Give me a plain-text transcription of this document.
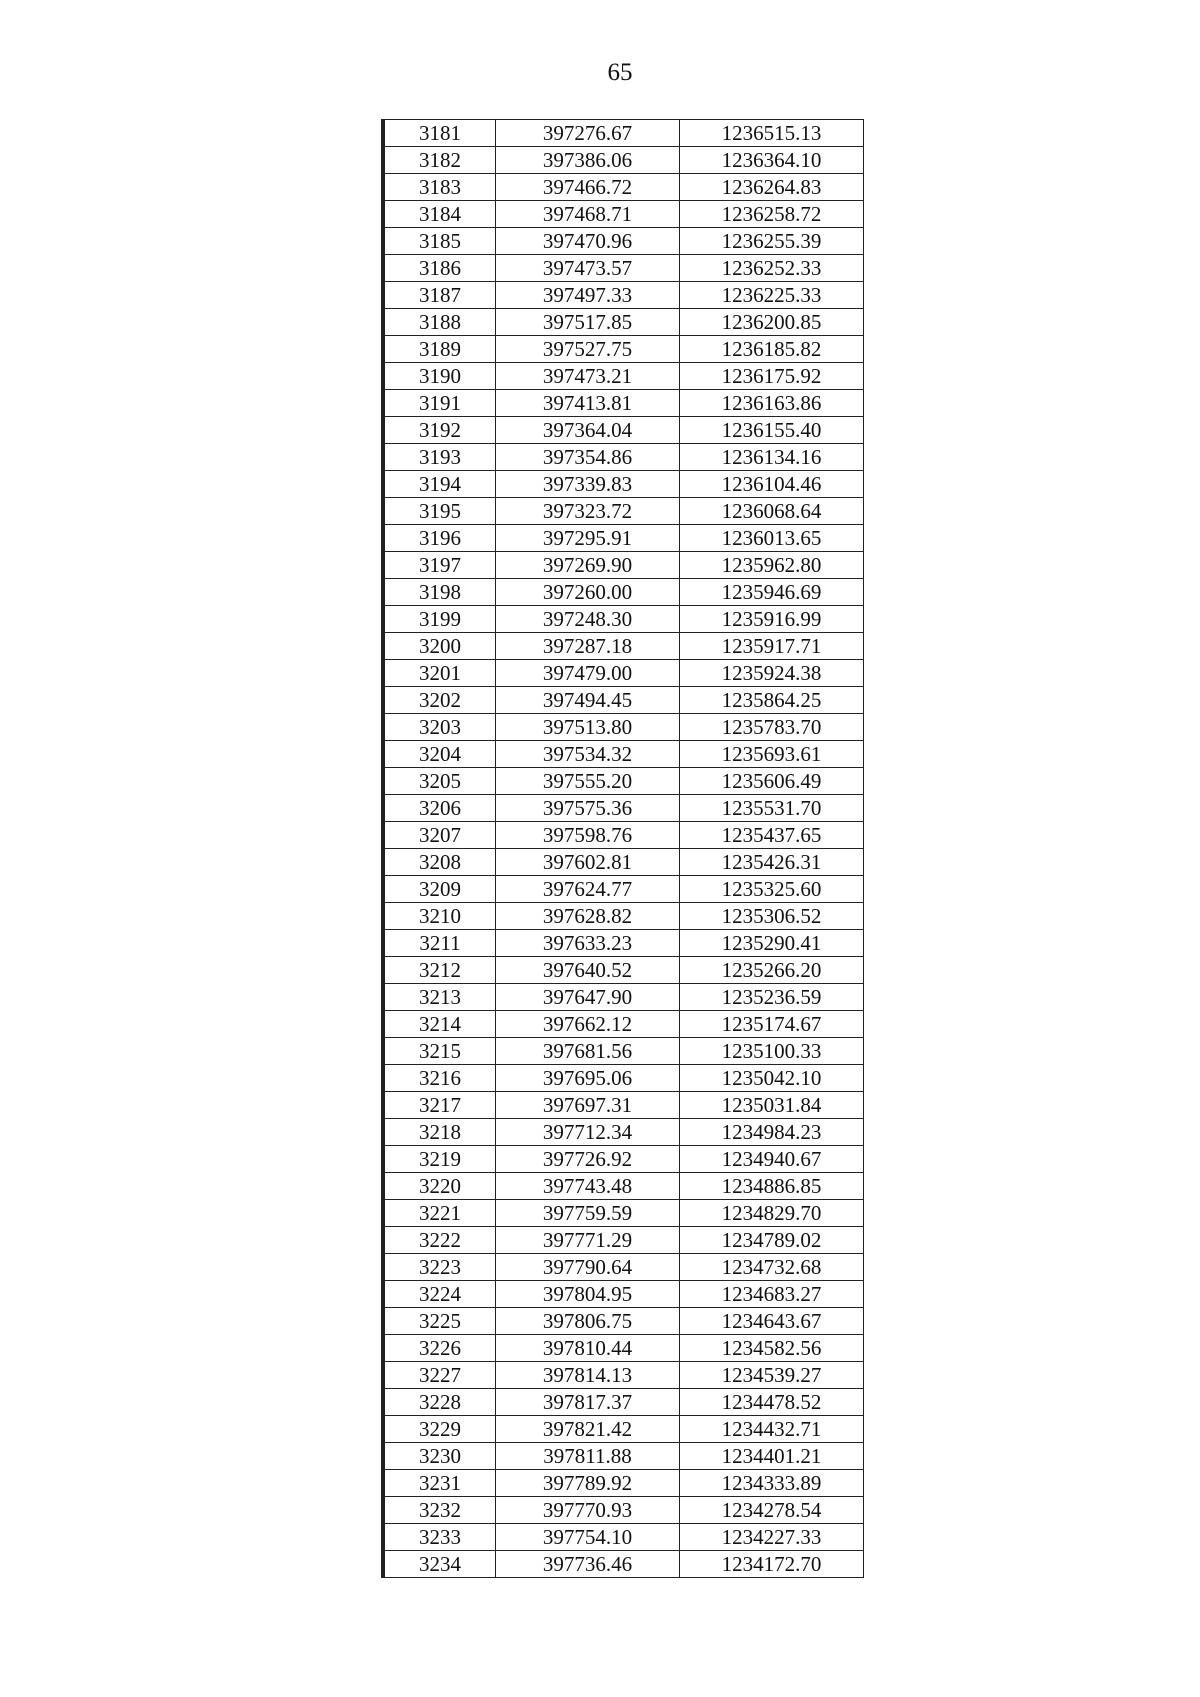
65
3181	397276.67	1236515.13
3182	397386.06	1236364.10
3183	397466.72	1236264.83
3184	397468.71	1236258.72
3185	397470.96	1236255.39
3186	397473.57	1236252.33
3187	397497.33	1236225.33
3188	397517.85	1236200.85
3189	397527.75	1236185.82
3190	397473.21	1236175.92
3191	397413.81	1236163.86
3192	397364.04	1236155.40
3193	397354.86	1236134.16
3194	397339.83	1236104.46
3195	397323.72	1236068.64
3196	397295.91	1236013.65
3197	397269.90	1235962.80
3198	397260.00	1235946.69
3199	397248.30	1235916.99
3200	397287.18	1235917.71
3201	397479.00	1235924.38
3202	397494.45	1235864.25
3203	397513.80	1235783.70
3204	397534.32	1235693.61
3205	397555.20	1235606.49
3206	397575.36	1235531.70
3207	397598.76	1235437.65
3208	397602.81	1235426.31
3209	397624.77	1235325.60
3210	397628.82	1235306.52
3211	397633.23	1235290.41
3212	397640.52	1235266.20
3213	397647.90	1235236.59
3214	397662.12	1235174.67
3215	397681.56	1235100.33
3216	397695.06	1235042.10
3217	397697.31	1235031.84
3218	397712.34	1234984.23
3219	397726.92	1234940.67
3220	397743.48	1234886.85
3221	397759.59	1234829.70
3222	397771.29	1234789.02
3223	397790.64	1234732.68
3224	397804.95	1234683.27
3225	397806.75	1234643.67
3226	397810.44	1234582.56
3227	397814.13	1234539.27
3228	397817.37	1234478.52
3229	397821.42	1234432.71
3230	397811.88	1234401.21
3231	397789.92	1234333.89
3232	397770.93	1234278.54
3233	397754.10	1234227.33
3234	397736.46	1234172.70
